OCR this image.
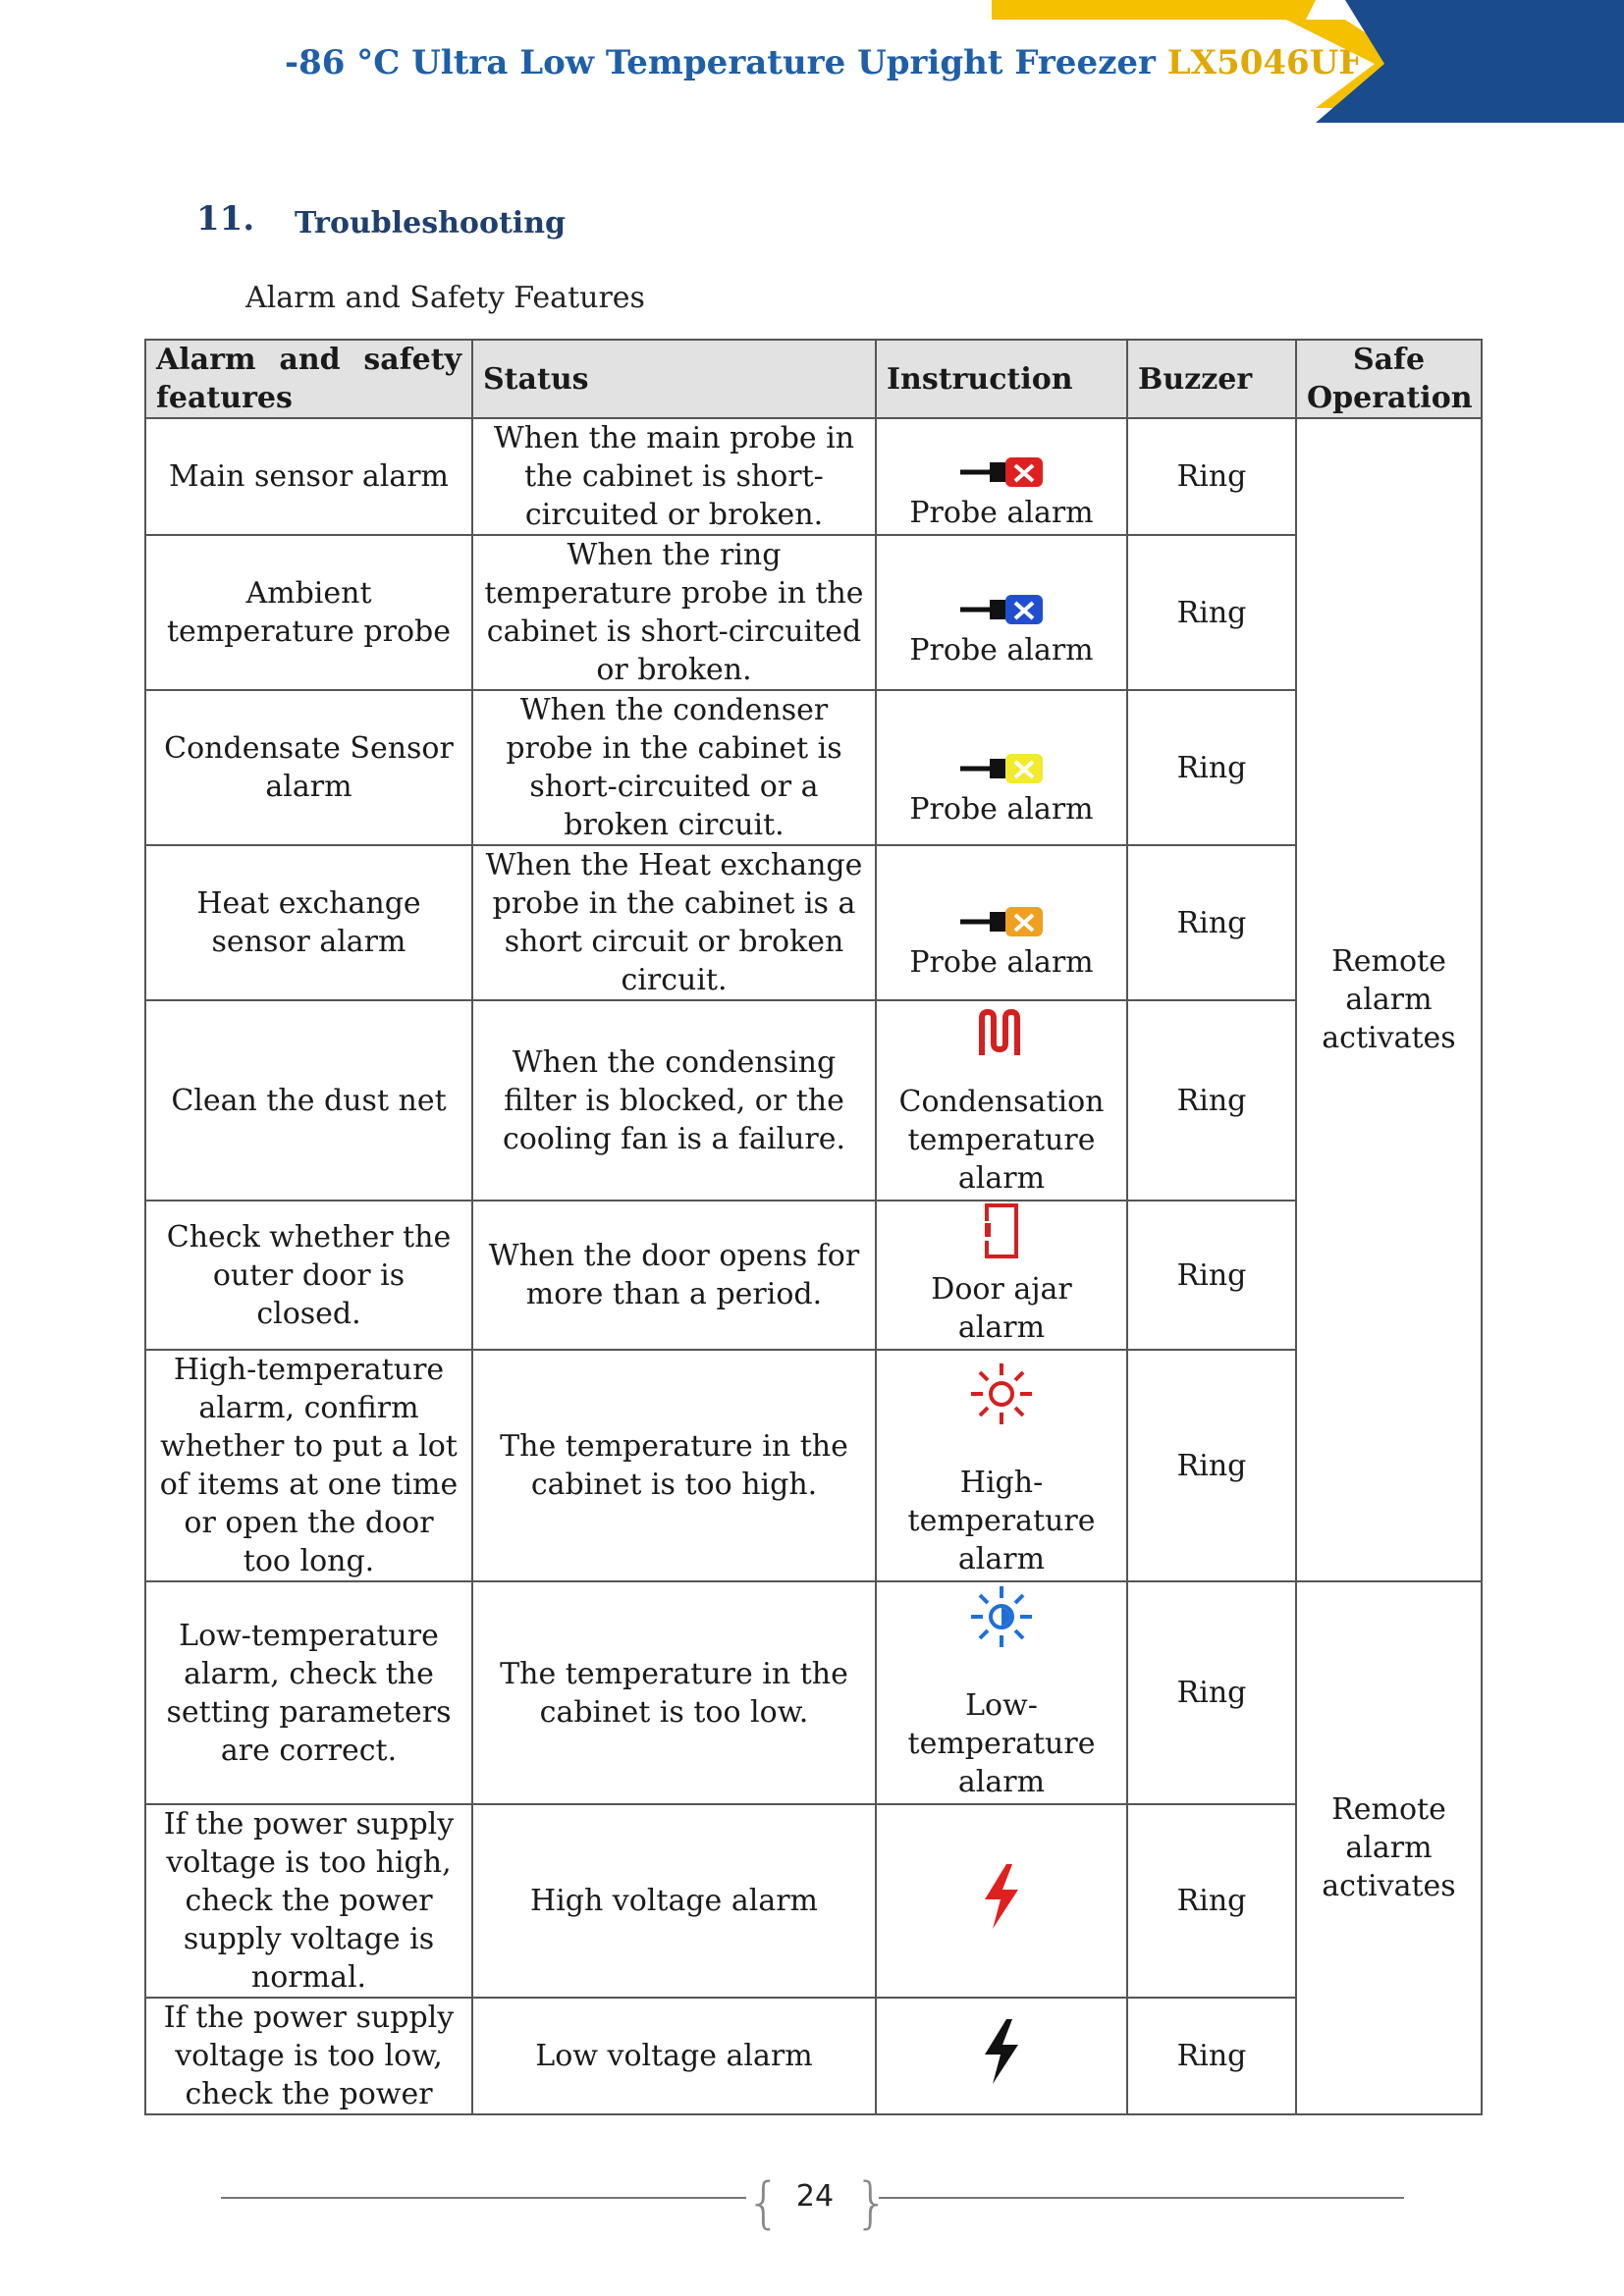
-86 °C Ultra Low Temperature Upright Freezer LX5046UF
11. Troubleshooting
Alarm and Safety Features
Alarm and safety features	Status	Instruction	Buzzer	Safe Operation
Main sensor alarm	When the main probe in the cabinet is short-circuited or broken.	Probe alarm	Ring	Remote alarm activates
Ambient temperature probe	When the ring temperature probe in the cabinet is short-circuited or broken.	Probe alarm	Ring	
Condensate Sensor alarm	When the condenser probe in the cabinet is short-circuited or a broken circuit.	Probe alarm	Ring	
Heat exchange sensor alarm	When the Heat exchange probe in the cabinet is a short circuit or broken circuit.	Probe alarm	Ring	
Clean the dust net	When the condensing filter is blocked, or the cooling fan is a failure.	Condensation temperature alarm	Ring	
Check whether the outer door is closed.	When the door opens for more than a period.	Door ajar alarm	Ring	
High-temperature alarm, confirm whether to put a lot of items at one time or open the door too long.	The temperature in the cabinet is too high.	High-temperature alarm	Ring	
Low-temperature alarm, check the setting parameters are correct.	The temperature in the cabinet is too low.	Low-temperature alarm	Ring	Remote alarm activates
If the power supply voltage is too high, check the power supply voltage is normal.	High voltage alarm		Ring	
If the power supply voltage is too low, check the power	Low voltage alarm		Ring	
{ }
24
